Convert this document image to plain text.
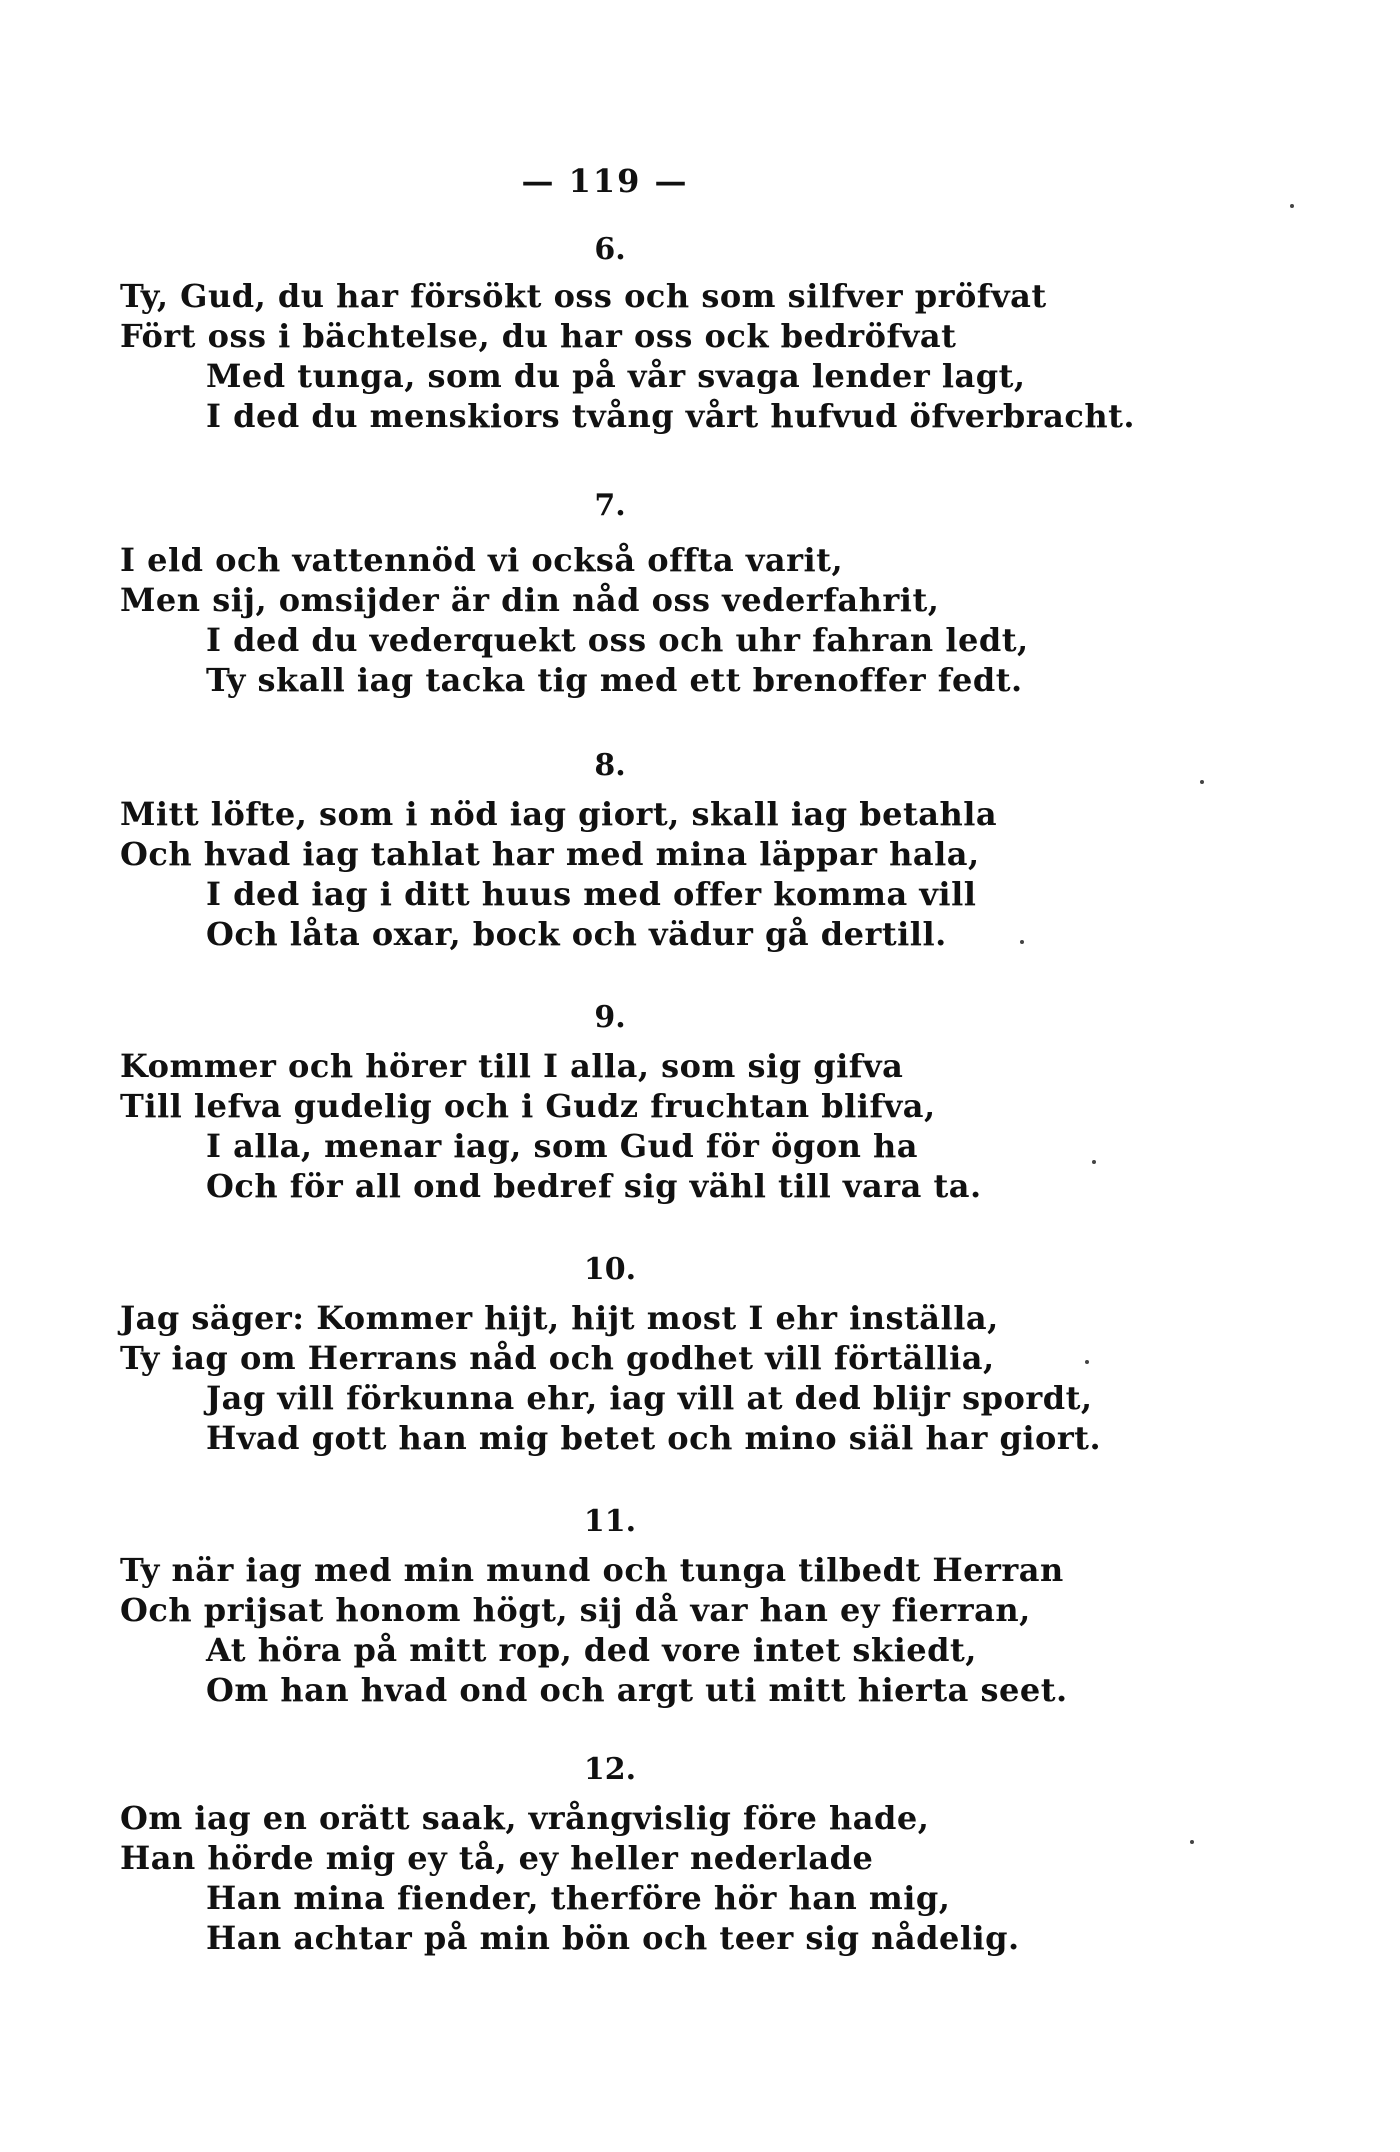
— 119 —
6.
Ty, Gud, du har försökt oss och som silfver pröfvat
Fört oss i bächtelse, du har oss ock bedröfvat
Med tunga, som du på vår svaga lender lagt,
I ded du menskiors tvång vårt hufvud öfverbracht.
7.
I eld och vattennöd vi också offta varit,
Men sij, omsijder är din nåd oss vederfahrit,
I ded du vederquekt oss och uhr fahran ledt,
Ty skall iag tacka tig med ett brenoffer fedt.
8.
Mitt löfte, som i nöd iag giort, skall iag betahla
Och hvad iag tahlat har med mina läppar hala,
I ded iag i ditt huus med offer komma vill
Och låta oxar, bock och vädur gå dertill.
9.
Kommer och hörer till I alla, som sig gifva
Till lefva gudelig och i Gudz fruchtan blifva,
I alla, menar iag, som Gud för ögon ha
Och för all ond bedref sig vähl till vara ta.
10.
Jag säger: Kommer hijt, hijt most I ehr inställa,
Ty iag om Herrans nåd och godhet vill förtällia,
Jag vill förkunna ehr, iag vill at ded blijr spordt,
Hvad gott han mig betet och mino siäl har giort.
11.
Ty när iag med min mund och tunga tilbedt Herran
Och prijsat honom högt, sij då var han ey fierran,
At höra på mitt rop, ded vore intet skiedt,
Om han hvad ond och argt uti mitt hierta seet.
12.
Om iag en orätt saak, vrångvislig före hade,
Han hörde mig ey tå, ey heller nederlade
Han mina fiender, therföre hör han mig,
Han achtar på min bön och teer sig nådelig.
